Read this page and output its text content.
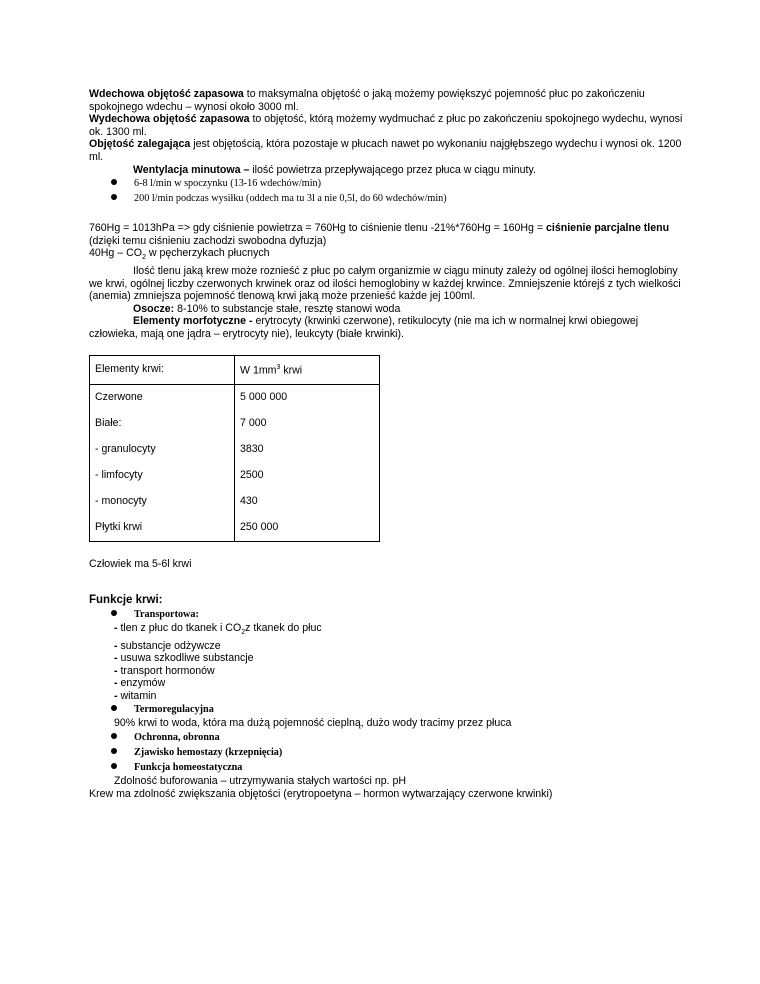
Wdechowa objętość zapasowa to maksymalna objętość o jaką możemy powiększyć pojemność płuc po zakończeniu spokojnego wdechu – wynosi około 3000 ml.

Wydechowa objętość zapasowa to objętość, którą możemy wydmuchać z płuc po zakończeniu spokojnego wydechu, wynosi ok. 1300 ml.

Objętość zalegająca jest objętością, która pozostaje w płucach nawet po wykonaniu najgłębszego wydechu i wynosi ok. 1200 ml.

Wentylacja minutowa – ilość powietrza przepływającego przez płuca w ciągu minuty.

6-8 l/min w spoczynku (13-16 wdechów/min)
200 l/min podczas wysiłku (oddech ma tu 3l a nie 0,5l, do 60 wdechów/min)

760Hg = 1013hPa => gdy ciśnienie powietrza = 760Hg to ciśnienie tlenu -21%*760Hg = 160Hg = ciśnienie parcjalne tlenu (dzięki temu ciśnieniu zachodzi swobodna dyfuzja)

$40Hg - CO_2$ w pęcherzykach płucnych

Ilość tlenu jaką krew może roznieść z płuc po całym organizmie w ciągu minuty zależy od ogólnej ilości hemoglobiny we krwi, ogólnej liczby czerwonych krwinek oraz od ilości hemoglobiny w każdej krwince. Zmniejszenie którejś z tych wielkości (anemia) zmniejsza pojemność tlenową krwi jaką może przenieść każde jej 100ml.

Osocze: 8-10% to substancje stałe, resztę stanowi woda

Elementy morfotyczne - erytrocyty (krwinki czerwone), retikulocyty (nie ma ich w normalnej krwi obiegowej człowieka, mają one jądra – erytrocyty nie), leukcyty (białe krwinki).

Elementy krwi:	W $1mm^3$ krwi
Czerwone	5 000 000
Białe:	7 000
- granulocyty	3830
- limfocyty	2500
- monocyty	430
Płytki krwi	250 000

Człowiek ma 5-6l krwi

Funkcje krwi:

Transportowa:

- tlen z płuc do tkanek i $CO_2z$ tkanek do płuc

- substancje odżywcze

- usuwa szkodliwe substancje

- transport hormonów

- enzymów

- witamin

Termoregulacyjna

90% krwi to woda, która ma dużą pojemność cieplną, dużo wody tracimy przez płuca

Ochronna, obronna
Zjawisko hemostazy (krzepnięcia)
Funkcja homeostatyczna

Zdolność buforowania – utrzymywania stałych wartości np. pH

Krew ma zdolność zwiększania objętości (erytropoetyna – hormon wytwarzający czerwone krwinki)
